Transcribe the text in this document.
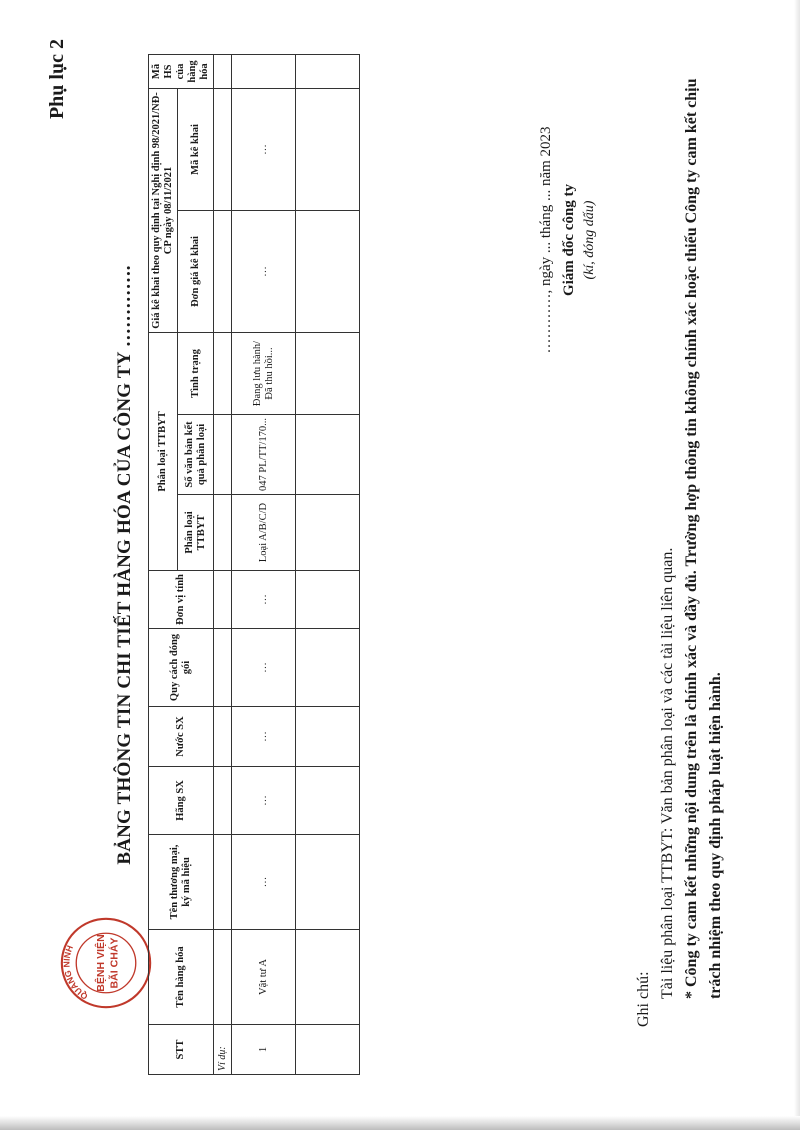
Phụ lục 2
BẢNG THÔNG TIN CHI TIẾT HÀNG HÓA CỦA CÔNG TY ………….
QUẢNG NINH	BỆNH VIỆN BÃI CHÁY
STT	Tên hàng hóa	Tên thương mại, ký mã hiệu	Hãng SX	Nước SX	Quy cách đóng gói	Đơn vị tính	Phân loại TTBYT			Giá kê khai theo quy định tại Nghị định 98/2021/NĐ-CP ngày 08/11/2021		Mã HS của hàng hóa
							Phân loại TTBYT	Số văn bản kết quả phân loại	Tình trạng	Đơn giá kê khai	Mã kê khai	

Ví dụ:												
1	Vật tư A	…	…	…	…	…	Loại A/B/C/D	047 PL/TT/170...	Đang lưu hành/ Đã thu hồi...	…	…	
													…………, ngày ... tháng ... năm 2023 Giám đốc công ty (kí, đóng dấu)
Ghi chú:
Tài liệu phân loại TTBYT: Văn bản phân loại và các tài liệu liên quan. * Công ty cam kết những nội dung trên là chính xác và đầy đủ. Trường hợp thông tin không chính xác hoặc thiếu Công ty cam kết chịu trách nhiệm theo quy định pháp luật hiện hành.
